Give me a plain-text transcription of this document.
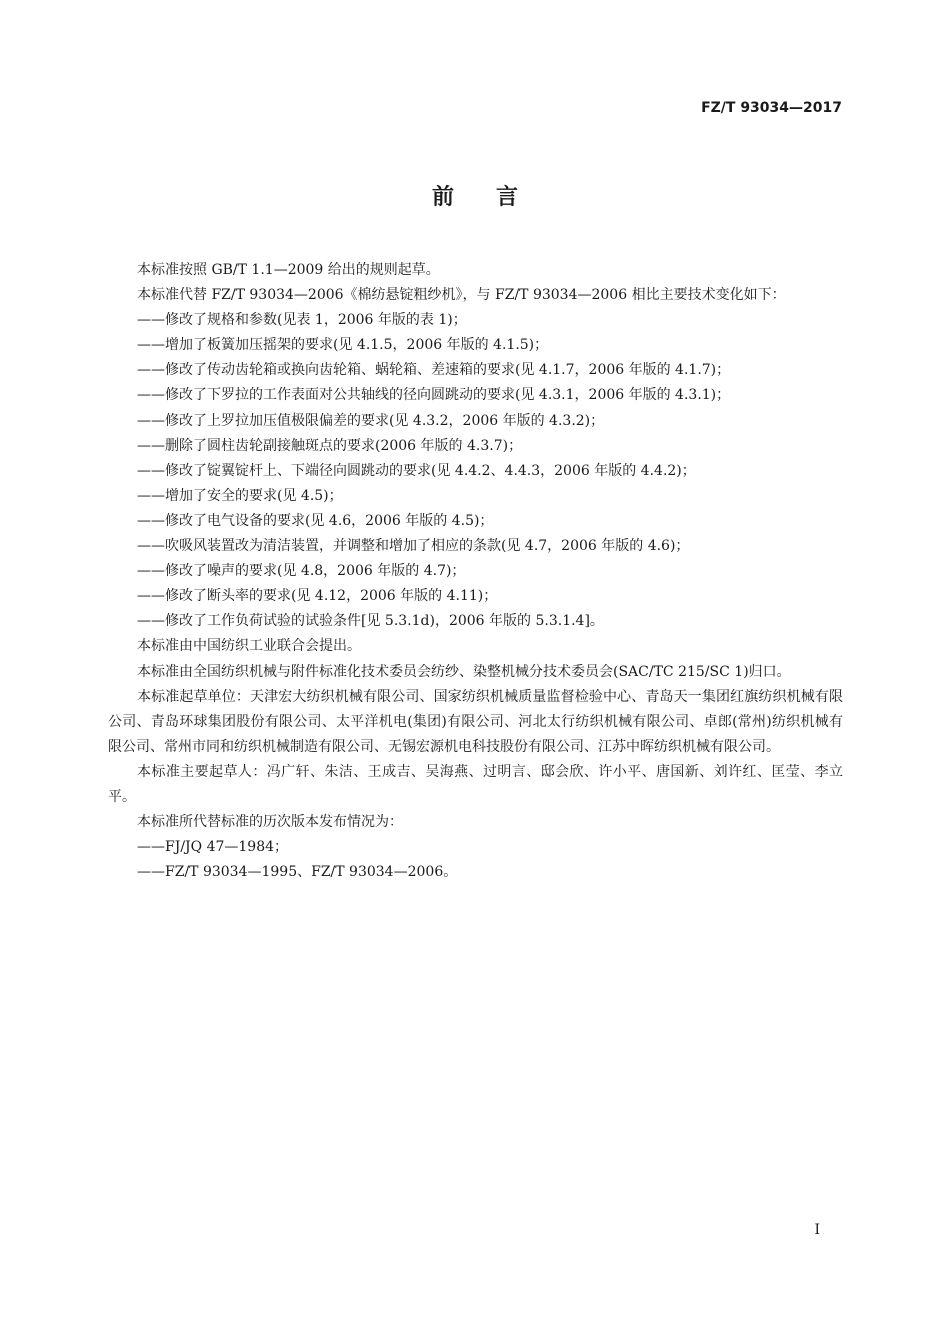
FZ/T 93034—2017
前言

本标准按照 GB/T 1.1—2009 给出的规则起草。

本标准代替 FZ/T 93034—2006《棉纺悬锭粗纱机》，与 FZ/T 93034—2006 相比主要技术变化如下：

——修改了规格和参数(见表 1，2006 年版的表 1)；

——增加了板簧加压摇架的要求(见 4.1.5，2006 年版的 4.1.5)；

——修改了传动齿轮箱或换向齿轮箱、蜗轮箱、差速箱的要求(见 4.1.7，2006 年版的 4.1.7)；

——修改了下罗拉的工作表面对公共轴线的径向圆跳动的要求(见 4.3.1，2006 年版的 4.3.1)；

——修改了上罗拉加压值极限偏差的要求(见 4.3.2，2006 年版的 4.3.2)；

——删除了圆柱齿轮副接触斑点的要求(2006 年版的 4.3.7)；

——修改了锭翼锭杆上、下端径向圆跳动的要求(见 4.4.2、4.4.3，2006 年版的 4.4.2)；

——增加了安全的要求(见 4.5)；

——修改了电气设备的要求(见 4.6，2006 年版的 4.5)；

——吹吸风装置改为清洁装置，并调整和增加了相应的条款(见 4.7，2006 年版的 4.6)；

——修改了噪声的要求(见 4.8，2006 年版的 4.7)；

——修改了断头率的要求(见 4.12，2006 年版的 4.11)；

——修改了工作负荷试验的试验条件[见 5.3.1d)，2006 年版的 5.3.1.4]。

本标准由中国纺织工业联合会提出。

本标准由全国纺织机械与附件标准化技术委员会纺纱、染整机械分技术委员会(SAC/TC 215/SC 1)归口。

本标准起草单位：天津宏大纺织机械有限公司、国家纺织机械质量监督检验中心、青岛天一集团红旗纺织机械有限公司、青岛环球集团股份有限公司、太平洋机电(集团)有限公司、河北太行纺织机械有限公司、卓郎(常州)纺织机械有限公司、常州市同和纺织机械制造有限公司、无锡宏源机电科技股份有限公司、江苏中晖纺织机械有限公司。

本标准主要起草人：冯广轩、朱洁、王成吉、吴海燕、过明言、邸会欣、许小平、唐国新、刘许红、匡莹、李立平。

本标准所代替标准的历次版本发布情况为：

——FJ/JQ 47—1984；

——FZ/T 93034—1995、FZ/T 93034—2006。

I
